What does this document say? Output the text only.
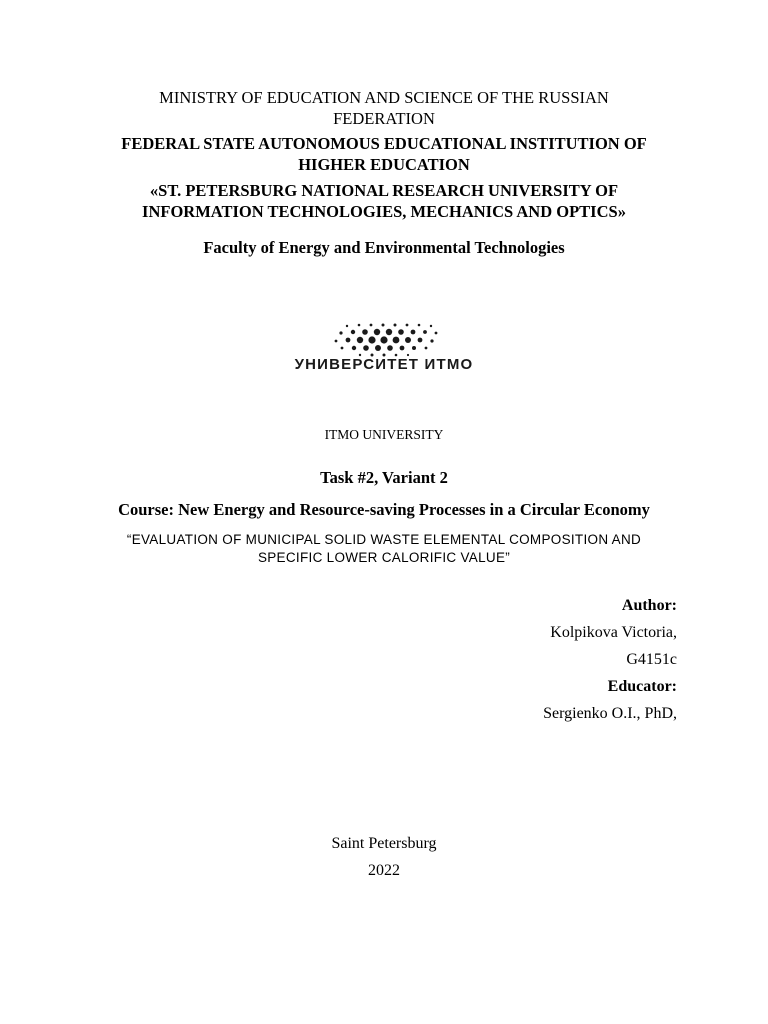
MINISTRY OF EDUCATION AND SCIENCE OF THE RUSSIAN
FEDERATION
FEDERAL STATE AUTONOMOUS EDUCATIONAL INSTITUTION OF
HIGHER EDUCATION
«ST. PETERSBURG NATIONAL RESEARCH UNIVERSITY OF
INFORMATION TECHNOLOGIES, MECHANICS AND OPTICS»
Faculty of Energy and Environmental Technologies
УНИВЕРСИТЕТ ИТМО
ITMO UNIVERSITY
Task #2, Variant 2
Course: New Energy and Resource-saving Processes in a Circular Economy
“EVALUATION OF MUNICIPAL SOLID WASTE ELEMENTAL COMPOSITION AND
SPECIFIC LOWER CALORIFIC VALUE”
Author:
Kolpikova Victoria,
G4151c
Educator:
Sergienko O.I., PhD,
Saint Petersburg
2022
